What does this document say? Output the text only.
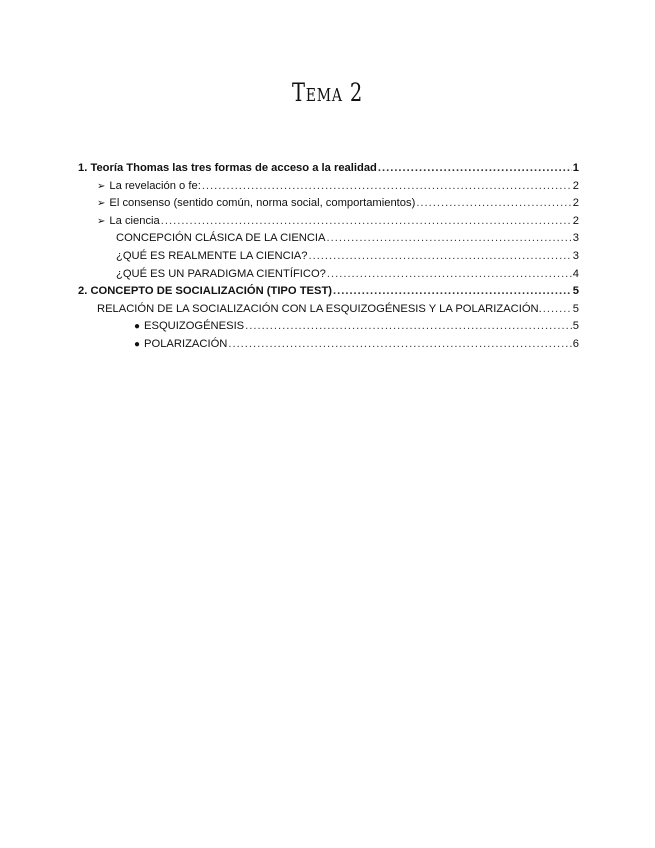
Tema 2
1. Teoría Thomas las tres formas de acceso a la realidad .....	1
➢ La revelación o fe: .....	2
➢ El consenso (sentido común, norma social, comportamientos) .....	2
➢ La ciencia .....	2
CONCEPCIÓN CLÁSICA DE LA CIENCIA .....	3
¿QUÉ ES REALMENTE LA CIENCIA? .....	3
¿QUÉ ES UN PARADIGMA CIENTÍFICO? .....	4
2. CONCEPTO DE SOCIALIZACIÓN (TIPO TEST) .....	5
RELACIÓN DE LA SOCIALIZACIÓN CON LA ESQUIZOGÉNESIS Y LA POLARIZACIÓN. .....	5
● ESQUIZOGÉNESIS .....	5
● POLARIZACIÓN .....	6
